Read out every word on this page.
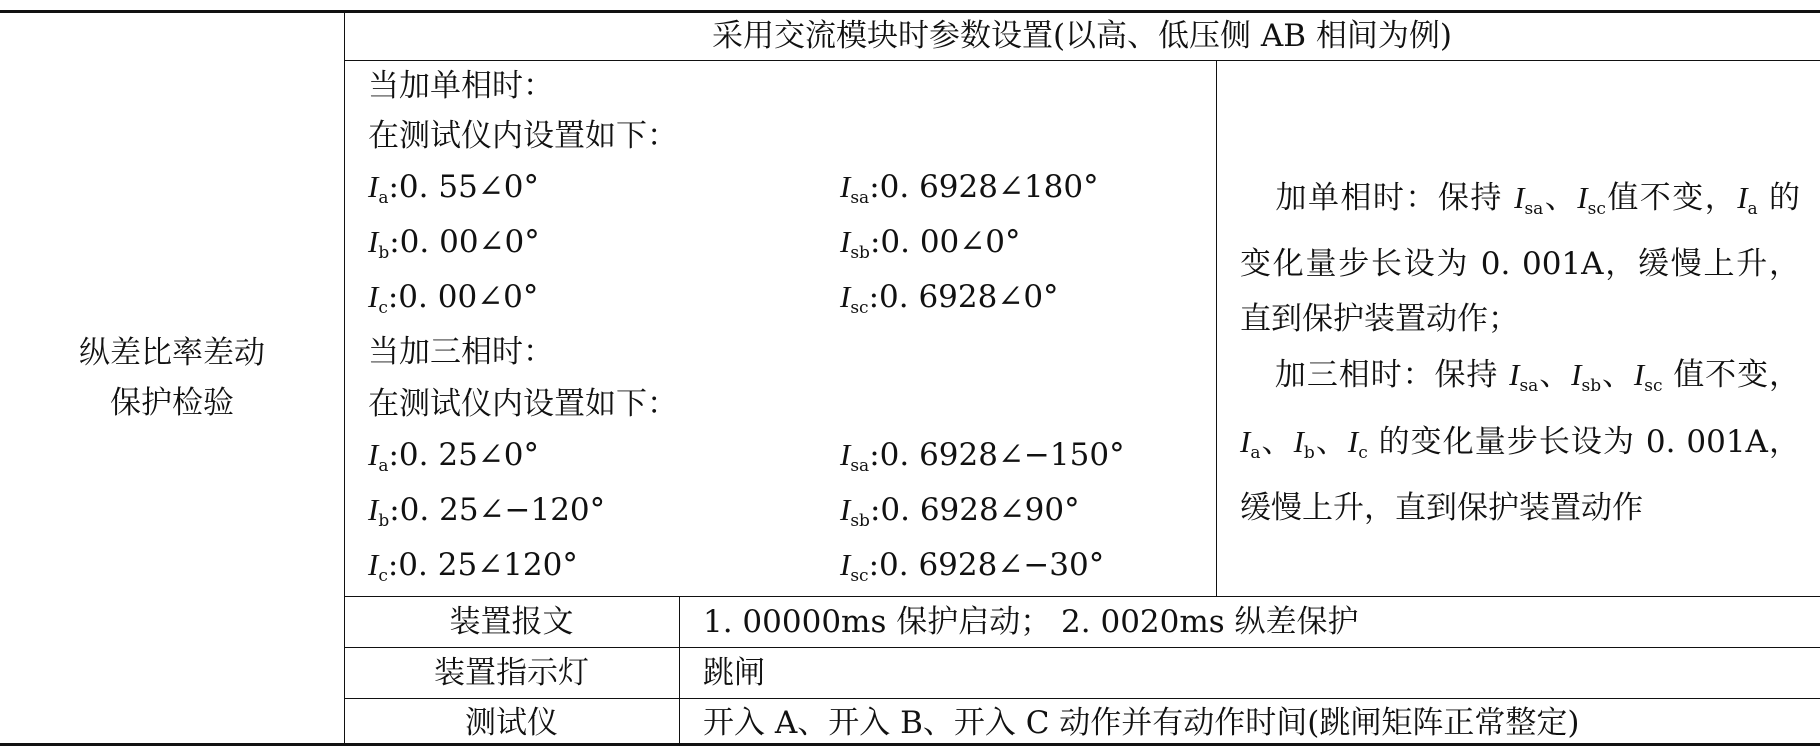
纵差比率差动
保护检验
采用交流模块时参数设置(以高、低压侧 AB 相间为例)
当加单相时：
在测试仪内设置如下：
$I_a:0$. 55∠0°	$I_{sa}:0$. 6928∠180°
$I_b:0$. 00∠0°	$I_{sb}:0$. 00∠0°
$I_c:0$. 00∠0°	$I_{sc}:0$. 6928∠0°
当加三相时：
在测试仪内设置如下：
$I_a:0$. 25∠0°	$I_{sa}:0$. 6928∠−150°
$I_b:0$. 25∠−120°	$I_{sb}:0$. 6928∠90°
$I_c:0$. 25∠120°	$I_{sc}:0$. 6928∠−30°
加单相时：保持 $I_{sa}$、$I_{sc}$值不变，$I_a$ 的变化量步长设为 0. 001A，缓慢上升，直到保护装置动作；
加三相时：保持 $I_{sa}$、$I_{sb}$、$I_{sc}$ 值不变，$I_a$、$I_b$、$I_c$ 的变化量步长设为 0. 001A，缓慢上升，直到保护装置动作
装置报文	1. 00000ms 保护启动； 2. 0020ms 纵差保护
装置指示灯	跳闸
测试仪	开入 A、开入 B、开入 C 动作并有动作时间(跳闸矩阵正常整定)
